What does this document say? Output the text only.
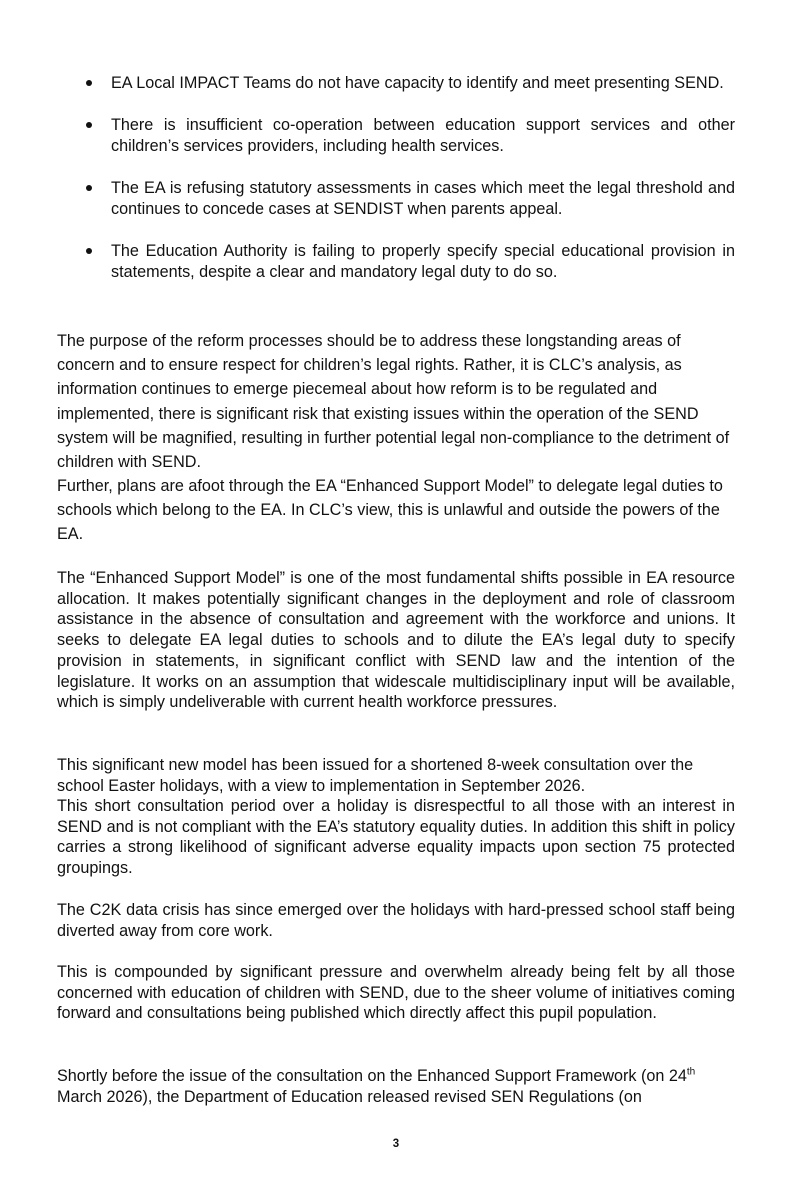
EA Local IMPACT Teams do not have capacity to identify and meet presenting SEND.
There is insufficient co-operation between education support services and other children’s services providers, including health services.
The EA is refusing statutory assessments in cases which meet the legal threshold and continues to concede cases at SENDIST when parents appeal.
The Education Authority is failing to properly specify special educational provision in statements, despite a clear and mandatory legal duty to do so.

The purpose of the reform processes should be to address these longstanding areas of concern and to ensure respect for children’s legal rights. Rather, it is CLC’s analysis, as information continues to emerge piecemeal about how reform is to be regulated and implemented, there is significant risk that existing issues within the operation of the SEND system will be magnified, resulting in further potential legal non-compliance to the detriment of children with SEND.

Further, plans are afoot through the EA “Enhanced Support Model” to delegate legal duties to schools which belong to the EA. In CLC’s view, this is unlawful and outside the powers of the EA.

The “Enhanced Support Model” is one of the most fundamental shifts possible in EA resource allocation. It makes potentially significant changes in the deployment and role of classroom assistance in the absence of consultation and agreement with the workforce and unions. It seeks to delegate EA legal duties to schools and to dilute the EA’s legal duty to specify provision in statements, in significant conflict with SEND law and the intention of the legislature. It works on an assumption that widescale multidisciplinary input will be available, which is simply undeliverable with current health workforce pressures.

This significant new model has been issued for a shortened 8-week consultation over the school Easter holidays, with a view to implementation in September 2026.

This short consultation period over a holiday is disrespectful to all those with an interest in SEND and is not compliant with the EA’s statutory equality duties. In addition this shift in policy carries a strong likelihood of significant adverse equality impacts upon section 75 protected groupings.

The C2K data crisis has since emerged over the holidays with hard-pressed school staff being diverted away from core work.

This is compounded by significant pressure and overwhelm already being felt by all those concerned with education of children with SEND, due to the sheer volume of initiatives coming forward and consultations being published which directly affect this pupil population.

Shortly before the issue of the consultation on the Enhanced Support Framework (on 24th March 2026), the Department of Education released revised SEN Regulations (on

3
